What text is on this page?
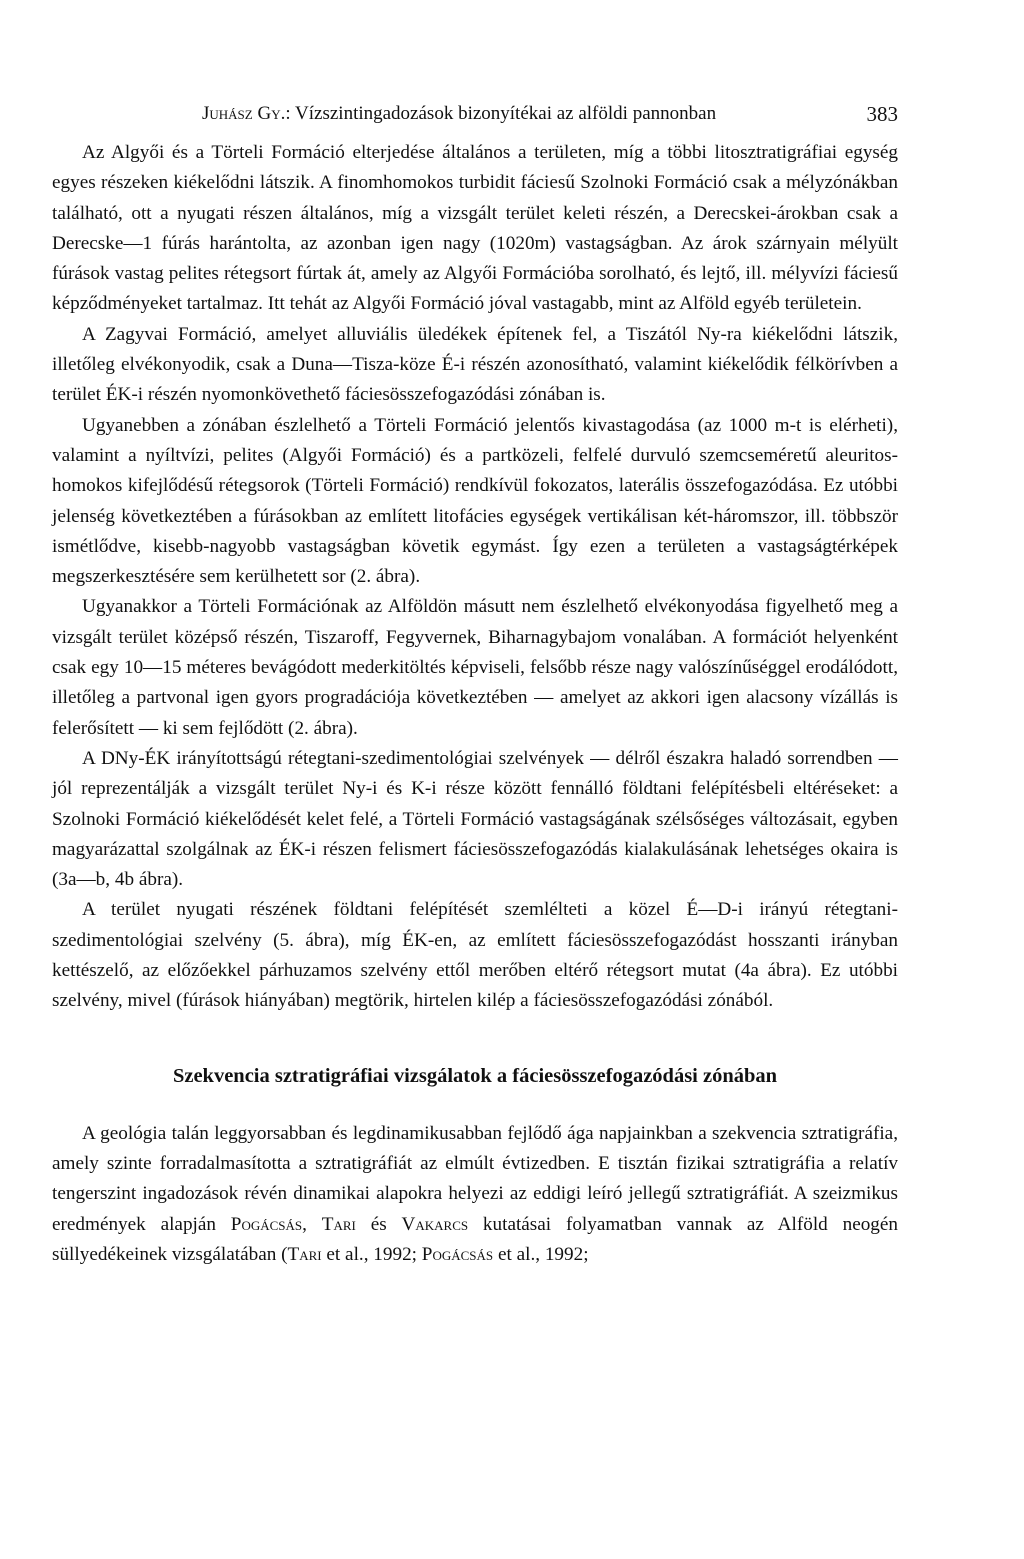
Juhász Gy.: Vízszintingadozások bizonyítékai az alföldi pannonban	383

Az Algyői és a Törteli Formáció elterjedése általános a területen, míg a többi litosztratigráfiai egység egyes részeken kiékelődni látszik. A finomhomokos turbidit fáciesű Szolnoki Formáció csak a mélyzónákban található, ott a nyugati részen általános, míg a vizsgált terület keleti részén, a Derecskei-árokban csak a Derecske—1 fúrás harántolta, az azonban igen nagy (1020m) vastagságban. Az árok szárnyain mélyült fúrások vastag pelites rétegsort fúrtak át, amely az Algyői Formációba sorolható, és lejtő, ill. mélyvízi fáciesű képződményeket tartalmaz. Itt tehát az Algyői Formáció jóval vastagabb, mint az Alföld egyéb területein.

A Zagyvai Formáció, amelyet alluviális üledékek építenek fel, a Tiszától Ny-ra kiékelődni látszik, illetőleg elvékonyodik, csak a Duna—Tisza-köze É-i részén azonosítható, valamint kiékelődik félkörívben a terület ÉK-i részén nyomonkövethető fáciesösszefogazódási zónában is.

Ugyanebben a zónában észlelhető a Törteli Formáció jelentős kivastagodása (az 1000 m-t is elérheti), valamint a nyíltvízi, pelites (Algyői Formáció) és a partközeli, felfelé durvuló szemcseméretű aleuritos-homokos kifejlődésű rétegsorok (Törteli Formáció) rendkívül fokozatos, laterális összefogazódása. Ez utóbbi jelenség következtében a fúrásokban az említett litofácies egységek vertikálisan két-háromszor, ill. többször ismétlődve, kisebb-nagyobb vastagságban követik egymást. Így ezen a területen a vastagságtérképek megszerkesztésére sem kerülhetett sor (2. ábra).

Ugyanakkor a Törteli Formációnak az Alföldön másutt nem észlelhető elvékonyodása figyelhető meg a vizsgált terület középső részén, Tiszaroff, Fegyvernek, Biharnagybajom vonalában. A formációt helyenként csak egy 10—15 méteres bevágódott mederkitöltés képviseli, felsőbb része nagy valószínűséggel erodálódott, illetőleg a partvonal igen gyors progradációja következtében — amelyet az akkori igen alacsony vízállás is felerősített — ki sem fejlődött (2. ábra).

A DNy-ÉK irányítottságú rétegtani-szedimentológiai szelvények — délről északra haladó sorrendben — jól reprezentálják a vizsgált terület Ny-i és K-i része között fennálló földtani felépítésbeli eltéréseket: a Szolnoki Formáció kiékelődését kelet felé, a Törteli Formáció vastagságának szélsőséges változásait, egyben magyarázattal szolgálnak az ÉK-i részen felismert fáciesösszefogazódás kialakulásának lehetséges okaira is (3a—b, 4b ábra).

A terület nyugati részének földtani felépítését szemlélteti a közel É—D-i irányú rétegtani-szedimentológiai szelvény (5. ábra), míg ÉK-en, az említett fáciesösszefogazódást hosszanti irányban kettészelő, az előzőekkel párhuzamos szelvény ettől merőben eltérő rétegsort mutat (4a ábra). Ez utóbbi szelvény, mivel (fúrások hiányában) megtörik, hirtelen kilép a fáciesösszefogazódási zónából.

Szekvencia sztratigráfiai vizsgálatok a fáciesösszefogazódási zónában

A geológia talán leggyorsabban és legdinamikusabban fejlődő ága napjainkban a szekvencia sztratigráfia, amely szinte forradalmasította a sztratigráfiát az elmúlt évtizedben. E tisztán fizikai sztratigráfia a relatív tengerszint ingadozások révén dinamikai alapokra helyezi az eddigi leíró jellegű sztratigráfiát. A szeizmikus eredmények alapján Pogácsás, Tari és Vakarcs kutatásai folyamatban vannak az Alföld neogén süllyedékeinek vizsgálatában (Tari et al., 1992; Pogácsás et al., 1992;
